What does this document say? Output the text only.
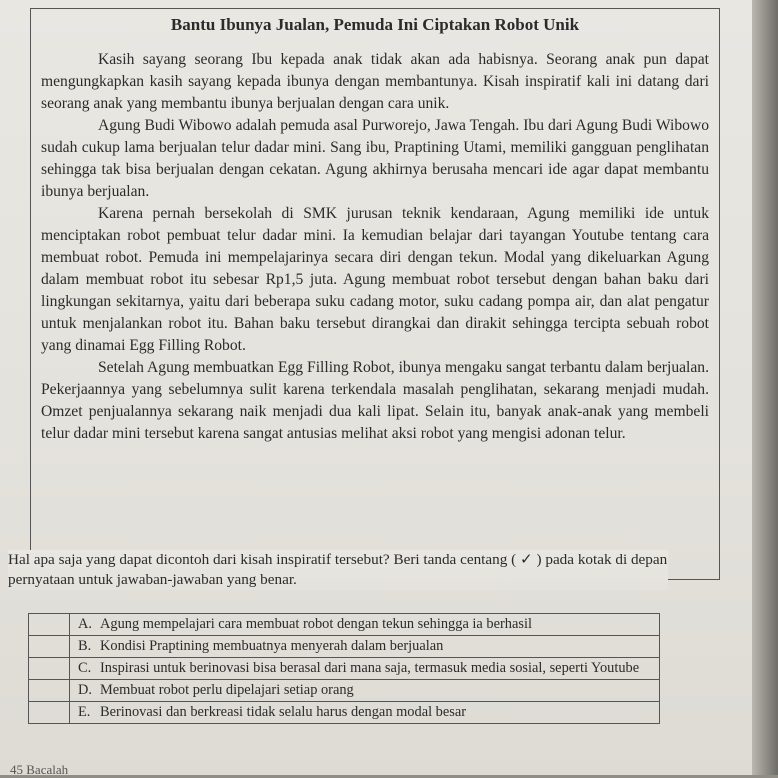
Bantu Ibunya Jualan, Pemuda Ini Ciptakan Robot Unik

Kasih sayang seorang Ibu kepada anak tidak akan ada habisnya. Seorang anak pun dapat mengungkapkan kasih sayang kepada ibunya dengan membantunya. Kisah inspiratif kali ini datang dari seorang anak yang membantu ibunya berjualan dengan cara unik.

Agung Budi Wibowo adalah pemuda asal Purworejo, Jawa Tengah. Ibu dari Agung Budi Wibowo sudah cukup lama berjualan telur dadar mini. Sang ibu, Praptining Utami, memiliki gangguan penglihatan sehingga tak bisa berjualan dengan cekatan. Agung akhirnya berusaha mencari ide agar dapat membantu ibunya berjualan.

Karena pernah bersekolah di SMK jurusan teknik kendaraan, Agung memiliki ide untuk menciptakan robot pembuat telur dadar mini. Ia kemudian belajar dari tayangan Youtube tentang cara membuat robot. Pemuda ini mempelajarinya secara diri dengan tekun. Modal yang dikeluarkan Agung dalam membuat robot itu sebesar Rp1,5 juta. Agung membuat robot tersebut dengan bahan baku dari lingkungan sekitarnya, yaitu dari beberapa suku cadang motor, suku cadang pompa air, dan alat pengatur untuk menjalankan robot itu. Bahan baku tersebut dirangkai dan dirakit sehingga tercipta sebuah robot yang dinamai Egg Filling Robot.

Setelah Agung membuatkan Egg Filling Robot, ibunya mengaku sangat terbantu dalam berjualan. Pekerjaannya yang sebelumnya sulit karena terkendala masalah penglihatan, sekarang menjadi mudah. Omzet penjualannya sekarang naik menjadi dua kali lipat. Selain itu, banyak anak-anak yang membeli telur dadar mini tersebut karena sangat antusias melihat aksi robot yang mengisi adonan telur.

Hal apa saja yang dapat dicontoh dari kisah inspiratif tersebut? Beri tanda centang ( ✓ ) pada kotak di depan pernyataan untuk jawaban-jawaban yang benar.

	A. Agung mempelajari cara membuat robot dengan tekun sehingga ia berhasil

	B. Kondisi Praptining membuatnya menyerah dalam berjualan

	C. Inspirasi untuk berinovasi bisa berasal dari mana saja, termasuk media sosial, seperti Youtube

	D. Membuat robot perlu dipelajari setiap orang

	E. Berinovasi dan berkreasi tidak selalu harus dengan modal besar
45 Bacalah
